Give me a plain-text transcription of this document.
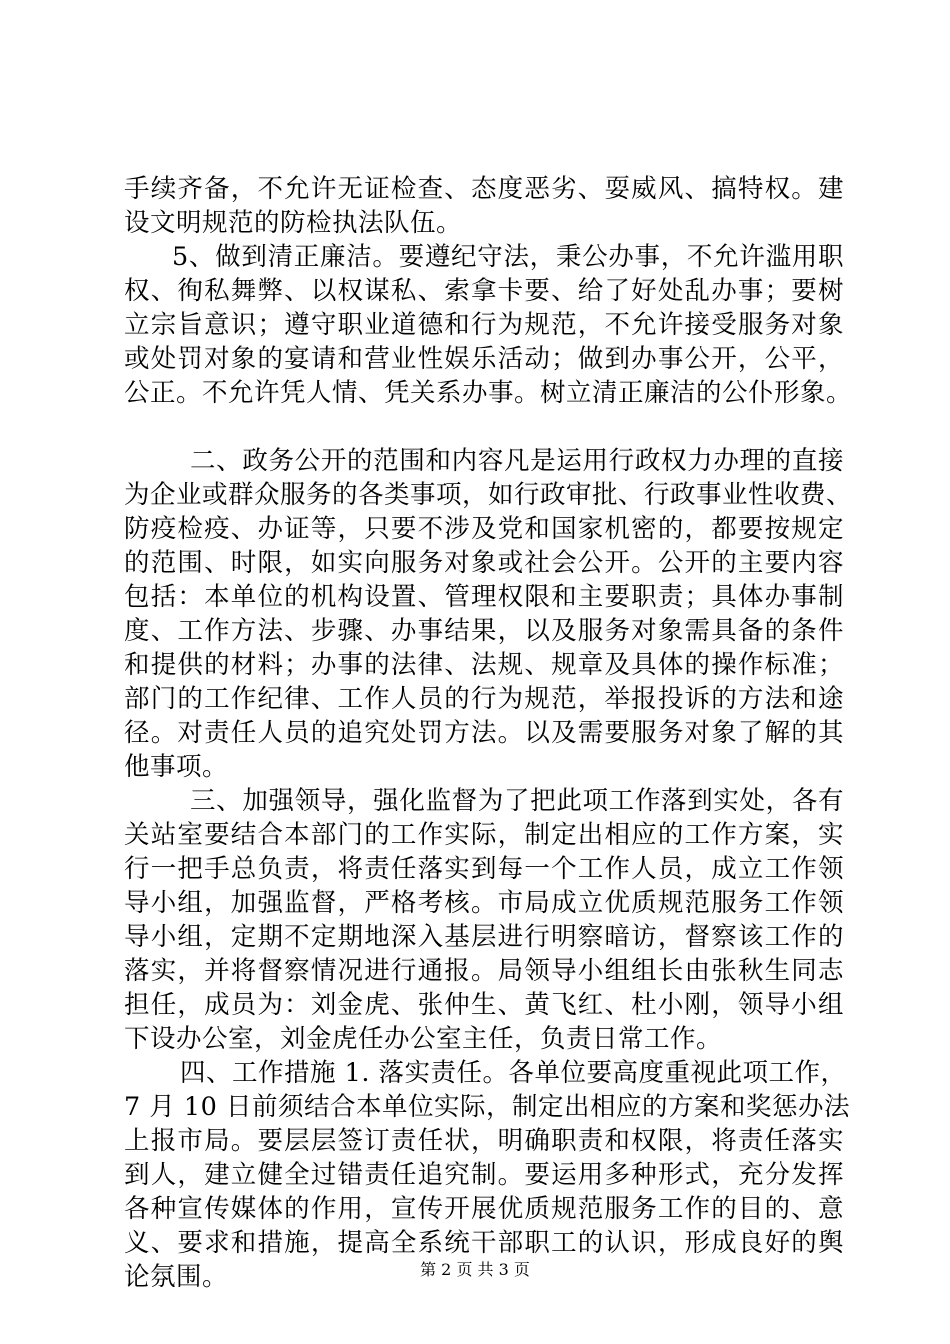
手续齐备，不允许无证检查、态度恶劣、耍威风、搞特权。建
设文明规范的防检执法队伍。
5、做到清正廉洁。要遵纪守法，秉公办事，不允许滥用职
权、徇私舞弊、以权谋私、索拿卡要、给了好处乱办事；要树
立宗旨意识；遵守职业道德和行为规范，不允许接受服务对象
或处罚对象的宴请和营业性娱乐活动；做到办事公开，公平，
公正。不允许凭人情、凭关系办事。树立清正廉洁的公仆形象。
二、政务公开的范围和内容凡是运用行政权力办理的直接
为企业或群众服务的各类事项，如行政审批、行政事业性收费、
防疫检疫、办证等，只要不涉及党和国家机密的，都要按规定
的范围、时限，如实向服务对象或社会公开。公开的主要内容
包括：本单位的机构设置、管理权限和主要职责；具体办事制
度、工作方法、步骤、办事结果，以及服务对象需具备的条件
和提供的材料；办事的法律、法规、规章及具体的操作标准；
部门的工作纪律、工作人员的行为规范，举报投诉的方法和途
径。对责任人员的追究处罚方法。以及需要服务对象了解的其
他事项。
三、加强领导，强化监督为了把此项工作落到实处，各有
关站室要结合本部门的工作实际，制定出相应的工作方案，实
行一把手总负责，将责任落实到每一个工作人员，成立工作领
导小组，加强监督，严格考核。市局成立优质规范服务工作领
导小组，定期不定期地深入基层进行明察暗访，督察该工作的
落实，并将督察情况进行通报。局领导小组组长由张秋生同志
担任，成员为：刘金虎、张仲生、黄飞红、杜小刚，领导小组
下设办公室，刘金虎任办公室主任，负责日常工作。
四、工作措施 1. 落实责任。各单位要高度重视此项工作，
7 月 10 日前须结合本单位实际，制定出相应的方案和奖惩办法
上报市局。要层层签订责任状，明确职责和权限，将责任落实
到人，建立健全过错责任追究制。要运用多种形式，充分发挥
各种宣传媒体的作用，宣传开展优质规范服务工作的目的、意
义、要求和措施，提高全系统干部职工的认识，形成良好的舆
论氛围。	第 2 页 共 3 页
